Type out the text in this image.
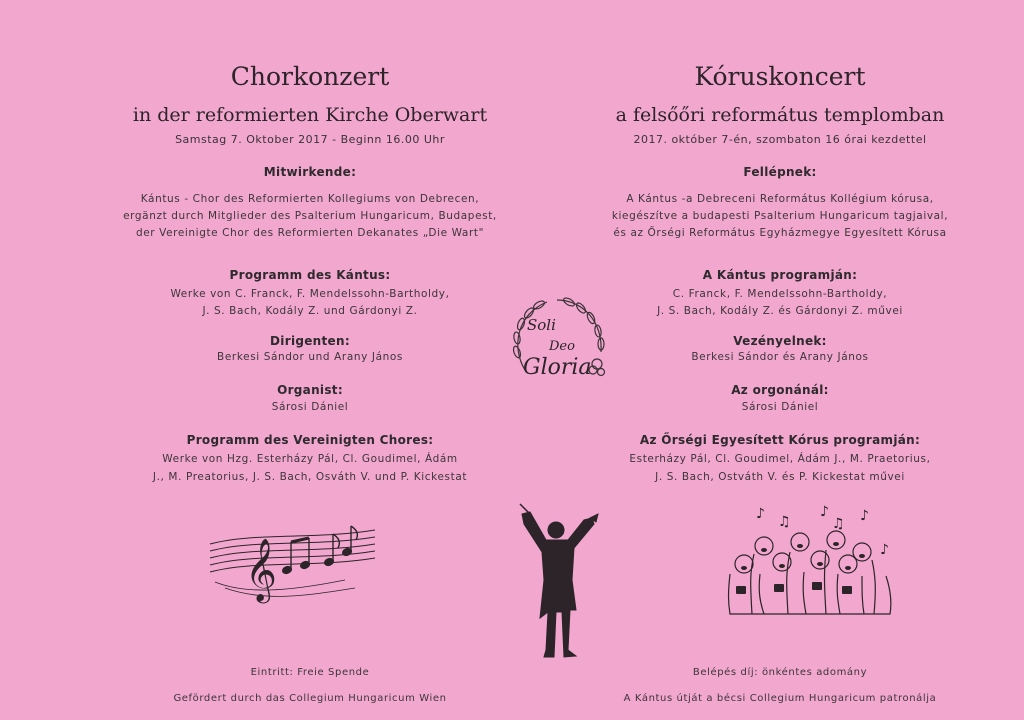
Chorkonzert
in der reformierten Kirche Oberwart
Samstag 7. Oktober 2017 - Beginn 16.00 Uhr
Mitwirkende:
Kántus - Chor des Reformierten Kollegiums von Debrecen,
ergänzt durch Mitglieder des Psalterium Hungaricum, Budapest,
der Vereinigte Chor des Reformierten Dekanates „Die Wart"
Programm des Kántus:
Werke von C. Franck, F. Mendelssohn-Bartholdy,
J. S. Bach, Kodály Z. und Gárdonyi Z.
Dirigenten:
Berkesi Sándor und Arany János
Organist:
Sárosi Dániel
Programm des Vereinigten Chores:
Werke von Hzg. Esterházy Pál, Cl. Goudimel, Ádám
J., M. Preatorius, J. S. Bach, Osváth V. und P. Kickestat
Eintritt: Freie Spende
Gefördert durch das Collegium Hungaricum Wien
Kóruskoncert
a felsőőri református templomban
2017. október 7-én, szombaton 16 órai kezdettel
Fellépnek:
A Kántus -a Debreceni Református Kollégium kórusa,
kiegészítve a budapesti Psalterium Hungaricum tagjaival,
és az Őrségi Református Egyházmegye Egyesített Kórusa
A Kántus programján:
C. Franck, F. Mendelssohn-Bartholdy,
J. S. Bach, Kodály Z. és Gárdonyi Z. művei
Vezényelnek:
Berkesi Sándor és Arany János
Az orgonánál:
Sárosi Dániel
Az Őrségi Egyesített Kórus programján:
Esterházy Pál, Cl. Goudimel, Ádám J., M. Praetorius,
J. S. Bach, Ostváth V. és P. Kickestat művei
Belépés díj: önkéntes adomány
A Kántus útját a bécsi Collegium Hungaricum patronálja
Soli
Deo
Gloria
𝄞
♪ ♫
♪
♫ ♪
♪
